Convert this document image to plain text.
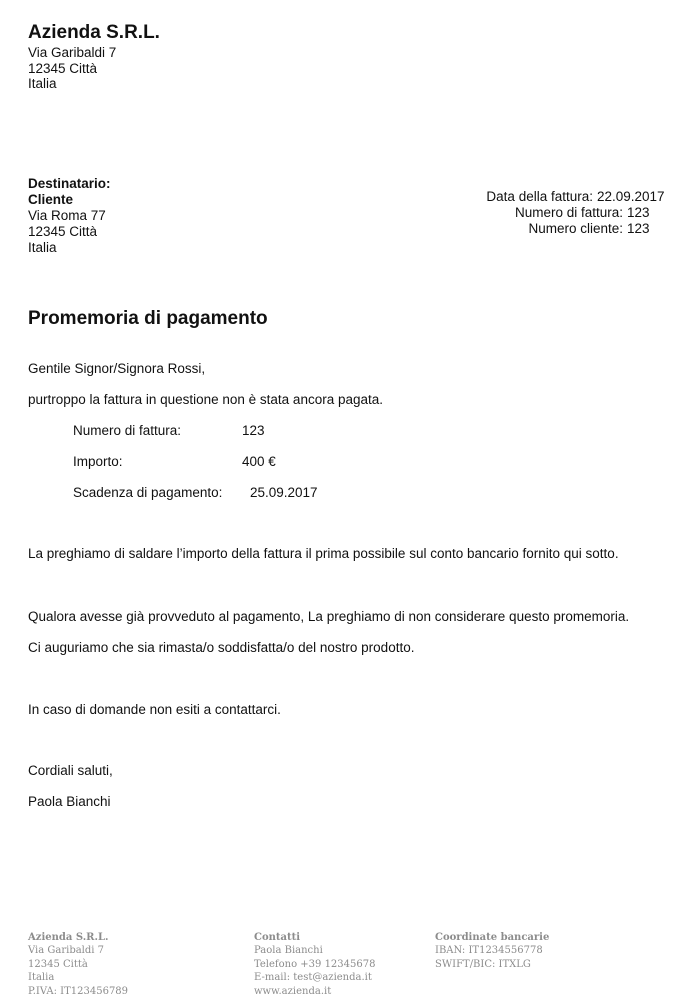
Azienda S.R.L.
Via Garibaldi 7
12345 Città
Italia
Destinatario:
Cliente
Via Roma 77
12345 Città
Italia
Data della fattura: 22.09.2017
Numero di fattura: 123
Numero cliente: 123
Promemoria di pagamento
Gentile Signor/Signora Rossi,
purtroppo la fattura in questione non è stata ancora pagata.
Numero di fattura:	123
Importo:	400 €
Scadenza di pagamento:	25.09.2017
La preghiamo di saldare l’importo della fattura il prima possibile sul conto bancario fornito qui sotto.
Qualora avesse già provveduto al pagamento, La preghiamo di non considerare questo promemoria.
Ci auguriamo che sia rimasta/o soddisfatta/o del nostro prodotto.
In caso di domande non esiti a contattarci.
Cordiali saluti,
Paola Bianchi
Azienda S.R.L.
Via Garibaldi 7
12345 Città
Italia
P.IVA: IT123456789
Contatti
Paola Bianchi
Telefono +39 12345678
E-mail: test@azienda.it
www.azienda.it
Coordinate bancarie
IBAN: IT1234556778
SWIFT/BIC: ITXLG
